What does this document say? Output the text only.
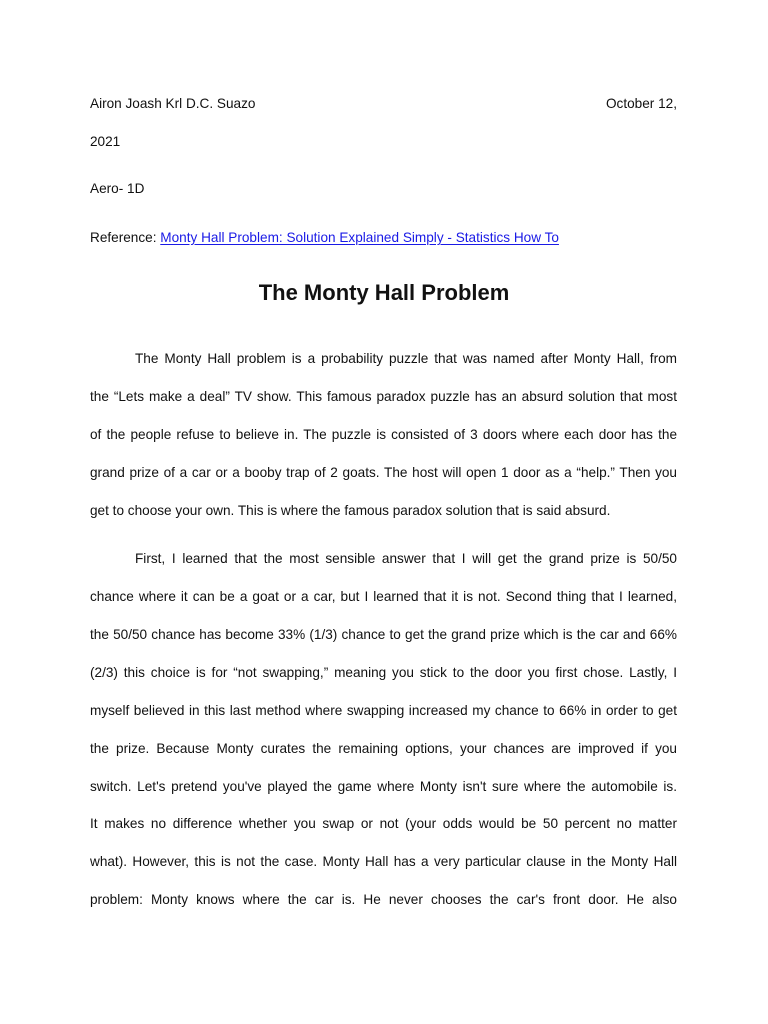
Airon Joash Krl D.C. Suazo	October 12,
2021
Aero- 1D
Reference: Monty Hall Problem: Solution Explained Simply - Statistics How To
The Monty Hall Problem
The Monty Hall problem is a probability puzzle that was named after Monty Hall, from
the “Lets make a deal” TV show. This famous paradox puzzle has an absurd solution that most
of the people refuse to believe in. The puzzle is consisted of 3 doors where each door has the
grand prize of a car or a booby trap of 2 goats. The host will open 1 door as a “help.” Then you
get to choose your own. This is where the famous paradox solution that is said absurd.
First, I learned that the most sensible answer that I will get the grand prize is 50/50
chance where it can be a goat or a car, but I learned that it is not. Second thing that I learned,
the 50/50 chance has become 33% (1/3) chance to get the grand prize which is the car and 66%
(2/3) this choice is for “not swapping,” meaning you stick to the door you first chose. Lastly, I
myself believed in this last method where swapping increased my chance to 66% in order to get
the prize. Because Monty curates the remaining options, your chances are improved if you
switch. Let's pretend you've played the game where Monty isn't sure where the automobile is.
It makes no difference whether you swap or not (your odds would be 50 percent no matter
what). However, this is not the case. Monty Hall has a very particular clause in the Monty Hall
problem: Monty knows where the car is. He never chooses the car's front door. He also
